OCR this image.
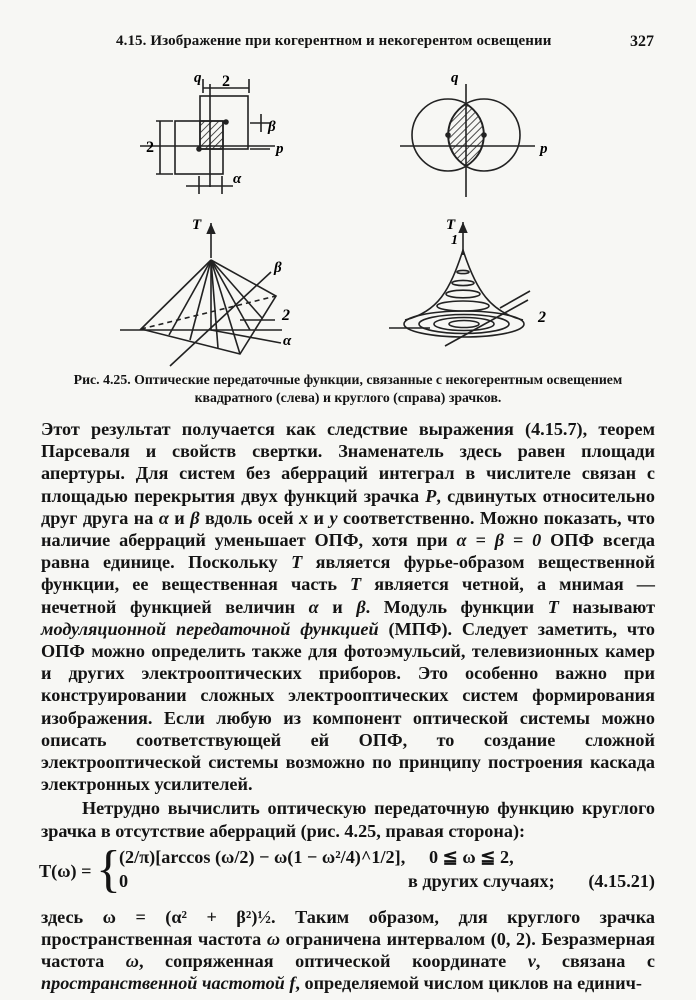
4.15. Изображение при когерентном и некогерентом освещении	327
q 2
2
β
p
α
q
p
T
β
2
α
T
1
2
Рис. 4.25. Оптические передаточные функции, связанные с некогерентным освещением
квадратного (слева) и круглого (справа) зрачков.

Этот результат получается как следствие выражения (4.15.7), теорем Парсеваля и свойств свертки. Знаменатель здесь равен площади апертуры. Для систем без аберраций интеграл в числителе связан с площадью перекрытия двух функций зрачка P, сдвинутых относительно друг друга на α и β вдоль осей x и y соответственно. Можно показать, что наличие аберраций уменьшает ОПФ, хотя при α = β = 0 ОПФ всегда равна единице. Поскольку T является фурье-образом вещественной функции, ее вещественная часть T является четной, а мнимая — нечетной функцией величин α и β. Модуль функции T называют модуляционной передаточной функцией (МПФ). Следует заметить, что ОПФ можно определить также для фотоэмульсий, телевизионных камер и других электрооптических приборов. Это особенно важно при конструировании сложных электрооптических систем формирования изображения. Если любую из компонент оптической системы можно описать соответствующей ей ОПФ, то создание сложной электрооптической системы возможно по принципу построения каскада электронных усилителей.

Нетрудно вычислить оптическую передаточную функцию круглого зрачка в отсутствие аберраций (рис. 4.25, правая сторона):

T(ω) = {
(2/π)[arccos (ω/2) − ω(1 − ω²/4)^1/2], 0 ≦ ω ≦ 2,
0	в других случаях; (4.15.21)

здесь ω = (α² + β²)½. Таким образом, для круглого зрачка пространственная частота ω ограничена интервалом (0, 2). Безразмерная частота ω, сопряженная оптической координате v, связана с пространственной частотой f, определяемой числом циклов на единич-
